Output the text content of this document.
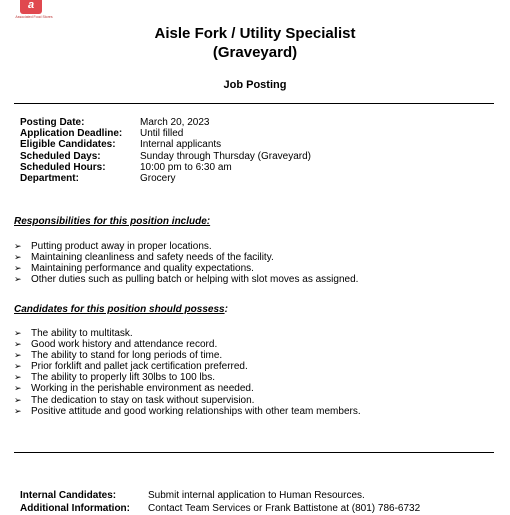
a
Associated Food Stores
Aisle Fork / Utility Specialist
(Graveyard)
Job Posting
Posting Date:	March 20, 2023
Application Deadline:	Until filled
Eligible Candidates:	Internal applicants
Scheduled Days:	Sunday through Thursday (Graveyard)
Scheduled Hours:	10:00 pm to 6:30 am
Department:	Grocery
Responsibilities for this position include:
➢ Putting product away in proper locations.
➢ Maintaining cleanliness and safety needs of the facility.
➢ Maintaining performance and quality expectations.
➢ Other duties such as pulling batch or helping with slot moves as assigned.
Candidates for this position should possess:
➢ The ability to multitask.
➢ Good work history and attendance record.
➢ The ability to stand for long periods of time.
➢ Prior forklift and pallet jack certification preferred.
➢ The ability to properly lift 30lbs to 100 lbs.
➢ Working in the perishable environment as needed.
➢ The dedication to stay on task without supervision.
➢ Positive attitude and good working relationships with other team members.
Internal Candidates:	Submit internal application to Human Resources.
Additional Information:	Contact Team Services or Frank Battistone at (801) 786-6732
